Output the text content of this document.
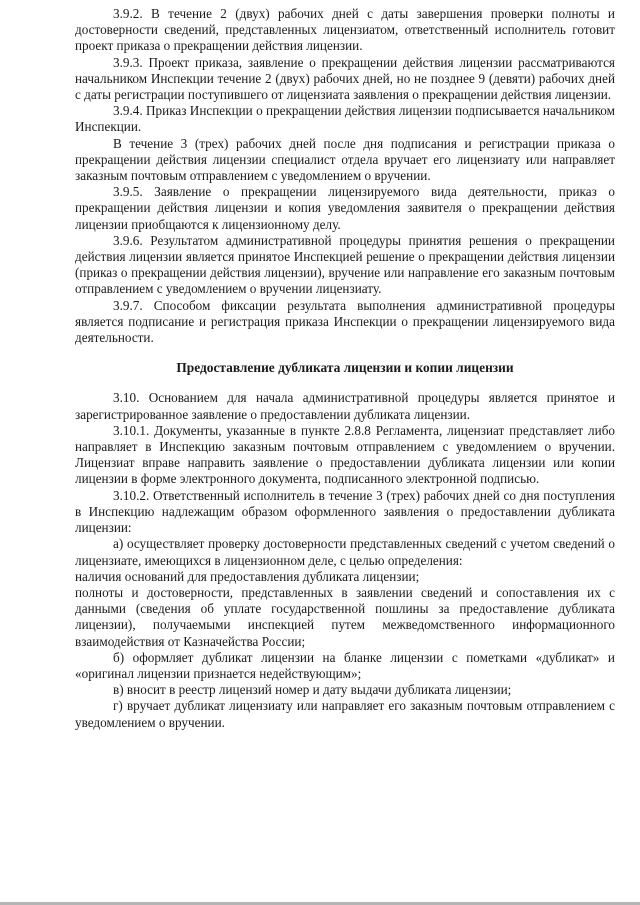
3.9.2. В течение 2 (двух) рабочих дней с даты завершения проверки полноты и достоверности сведений, представленных лицензиатом, ответственный исполнитель готовит проект приказа о прекращении действия лицензии.

3.9.3. Проект приказа, заявление о прекращении действия лицензии рассматриваются начальником Инспекции течение 2 (двух) рабочих дней, но не позднее 9 (девяти) рабочих дней с даты регистрации поступившего от лицензиата заявления о прекращении действия лицензии.

3.9.4. Приказ Инспекции о прекращении действия лицензии подписывается начальником Инспекции.

В течение 3 (трех) рабочих дней после дня подписания и регистрации приказа о прекращении действия лицензии специалист отдела вручает его лицензиату или направляет заказным почтовым отправлением с уведомлением о вручении.

3.9.5. Заявление о прекращении лицензируемого вида деятельности, приказ о прекращении действия лицензии и копия уведомления заявителя о прекращении действия лицензии приобщаются к лицензионному делу.

3.9.6. Результатом административной процедуры принятия решения о прекращении действия лицензии является принятое Инспекцией решение о прекращении действия лицензии (приказ о прекращении действия лицензии), вручение или направление его заказным почтовым отправлением с уведомлением о вручении лицензиату.

3.9.7. Способом фиксации результата выполнения административной процедуры является подписание и регистрация приказа Инспекции о прекращении лицензируемого вида деятельности.

Предоставление дубликата лицензии и копии лицензии

3.10. Основанием для начала административной процедуры является принятое и зарегистрированное заявление о предоставлении дубликата лицензии.

3.10.1. Документы, указанные в пункте 2.8.8 Регламента, лицензиат представляет либо направляет в Инспекцию заказным почтовым отправлением с уведомлением о вручении. Лицензиат вправе направить заявление о предоставлении дубликата лицензии или копии лицензии в форме электронного документа, подписанного электронной подписью.

3.10.2. Ответственный исполнитель в течение 3 (трех) рабочих дней со дня поступления в Инспекцию надлежащим образом оформленного заявления о предоставлении дубликата лицензии:

а) осуществляет проверку достоверности представленных сведений с учетом сведений о лицензиате, имеющихся в лицензионном деле, с целью определения:

наличия оснований для предоставления дубликата лицензии;

полноты и достоверности, представленных в заявлении сведений и сопоставления их с данными (сведения об уплате государственной пошлины за предоставление дубликата лицензии), получаемыми инспекцией путем межведомственного информационного взаимодействия от Казначейства России;

б) оформляет дубликат лицензии на бланке лицензии с пометками «дубликат» и «оригинал лицензии признается недействующим»;

в) вносит в реестр лицензий номер и дату выдачи дубликата лицензии;

г) вручает дубликат лицензиату или направляет его заказным почтовым отправлением с уведомлением о вручении.
